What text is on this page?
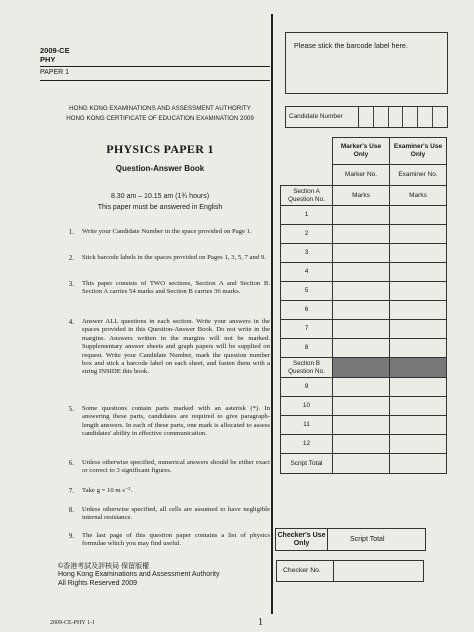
2009-CE
PHY
PAPER 1
HONG KONG EXAMINATIONS AND ASSESSMENT AUTHORITY
HONG KONG CERTIFICATE OF EDUCATION EXAMINATION 2009
PHYSICS PAPER 1
Question-Answer Book
8.30 am – 10.15 am (1¾ hours)
This paper must be answered in English
1. Write your Candidate Number in the space provided on Page 1.
2. Stick barcode labels in the spaces provided on Pages 1, 3, 5, 7 and 9.
3. This paper consists of TWO sections, Section A and Section B. Section A carries 54 marks and Section B carries 36 marks.
4. Answer ALL questions in each section. Write your answers in the spaces provided in this Question-Answer Book. Do not write in the margins. Answers written in the margins will not be marked. Supplementary answer sheets and graph papers will be supplied on request. Write your Candidate Number, mark the question number box and stick a barcode label on each sheet, and fasten them with a string INSIDE this book.
5. Some questions contain parts marked with an asterisk (*). In answering these parts, candidates are required to give paragraph-length answers. In each of these parts, one mark is allocated to assess candidates' ability in effective communication.
6. Unless otherwise specified, numerical answers should be either exact or correct to 3 significant figures.
7. Take g = 10 m s⁻².
8. Unless otherwise specified, all cells are assumed to have negligible internal resistance.
9. The last page of this question paper contains a list of physics formulae which you may find useful.
©香港考試及評核局 保留版權
Hong Kong Examinations and Assessment Authority
All Rights Reserved 2009
2009-CE-PHY 1-1	1
Please stick the barcode label here.
Candidate Number
	Marker's Use Only	Examiner's Use Only
	Marker No.	Examiner No.
Section A Question No.	Marks	Marks
1		
2		
3		
4		
5		
6		
7		
8		
Section B Question No.		
9		
10		
11		
12		
Script Total		
Checker's Use Only	Script Total
Checker No.
